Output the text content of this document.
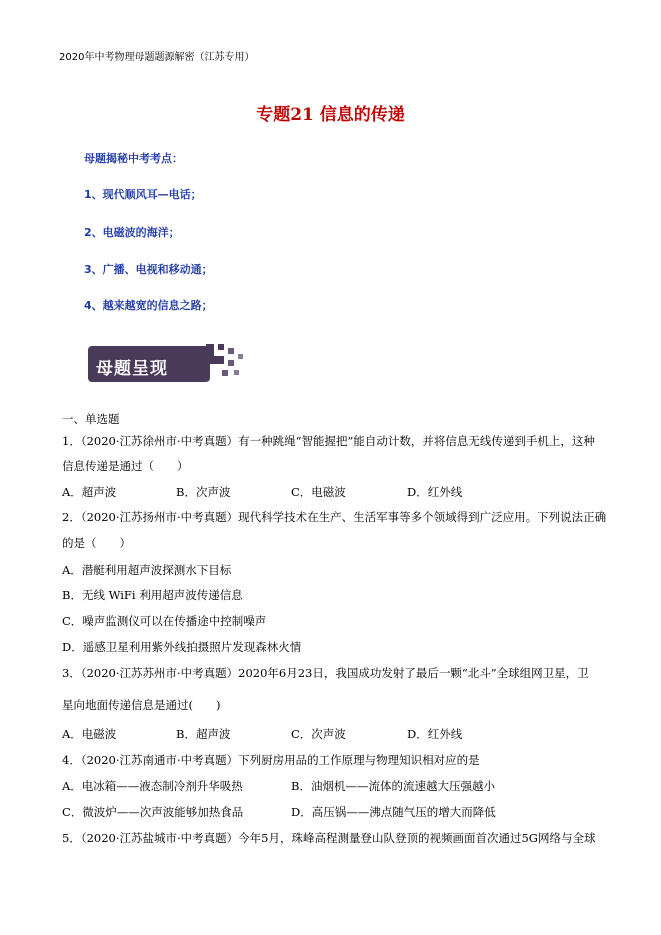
2020年中考物理母题题源解密（江苏专用）
专题21 信息的传递
母题揭秘中考考点：
1、现代顺风耳—电话；
2、电磁波的海洋；
3、广播、电视和移动通；
4、越来越宽的信息之路；
母题呈现
一、单选题
1．（2020·江苏徐州市·中考真题）有一种跳绳“智能握把”能自动计数，并将信息无线传递到手机上，这种
信息传递是通过（　　）
A．超声波	B．次声波	C．电磁波	D．红外线
2．（2020·江苏扬州市·中考真题）现代科学技术在生产、生活军事等多个领域得到广泛应用。下列说法正确
的是（　　）
A．潜艇利用超声波探测水下目标
B．无线 WiFi 利用超声波传递信息
C．噪声监测仪可以在传播途中控制噪声
D．遥感卫星利用紫外线拍摄照片发现森林火情
3．（2020·江苏苏州市·中考真题）2020年6月23日，我国成功发射了最后一颗“北斗”全球组网卫星，卫
星向地面传递信息是通过(　　)
A．电磁波	B．超声波	C．次声波	D．红外线
4．（2020·江苏南通市·中考真题）下列厨房用品的工作原理与物理知识相对应的是
A．电冰箱——液态制冷剂升华吸热	B．油烟机——流体的流速越大压强越小
C．微波炉——次声波能够加热食品	D．高压锅——沸点随气压的增大而降低
5．（2020·江苏盐城市·中考真题）今年5月，珠峰高程测量登山队登顶的视频画面首次通过5G网络与全球
